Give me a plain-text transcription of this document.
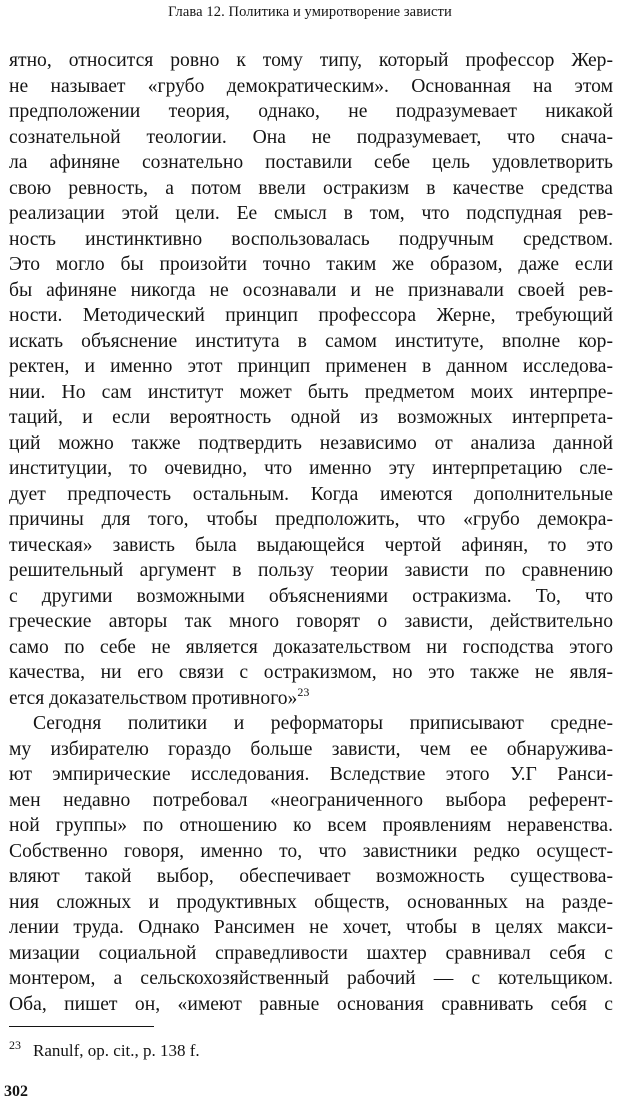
Глава 12. Политика и умиротворение зависти
ятно, относится ровно к тому типу, который профессор Жер-
не называет «грубо демократическим». Основанная на этом
предположении теория, однако, не подразумевает никакой
сознательной теологии. Она не подразумевает, что снача-
ла афиняне сознательно поставили себе цель удовлетворить
свою ревность, а потом ввели остракизм в качестве средства
реализации этой цели. Ее смысл в том, что подспудная рев-
ность инстинктивно воспользовалась подручным средством.
Это могло бы произойти точно таким же образом, даже если
бы афиняне никогда не осознавали и не признавали своей рев-
ности. Методический принцип профессора Жерне, требующий
искать объяснение института в самом институте, вполне кор-
ректен, и именно этот принцип применен в данном исследова-
нии. Но сам институт может быть предметом моих интерпре-
таций, и если вероятность одной из возможных интерпрета-
ций можно также подтвердить независимо от анализа данной
институции, то очевидно, что именно эту интерпретацию сле-
дует предпочесть остальным. Когда имеются дополнительные
причины для того, чтобы предположить, что «грубо демокра-
тическая» зависть была выдающейся чертой афинян, то это
решительный аргумент в пользу теории зависти по сравнению
с другими возможными объяснениями остракизма. То, что
греческие авторы так много говорят о зависти, действительно
само по себе не является доказательством ни господства этого
качества, ни его связи с остракизмом, но это также не явля-
ется доказательством противного»$^{23}$
Сегодня политики и реформаторы приписывают средне-
му избирателю гораздо больше зависти, чем ее обнаружива-
ют эмпирические исследования. Вследствие этого У.Г Ранси-
мен недавно потребовал «неограниченного выбора референт-
ной группы» по отношению ко всем проявлениям неравенства.
Собственно говоря, именно то, что завистники редко осущест-
вляют такой выбор, обеспечивает возможность существова-
ния сложных и продуктивных обществ, основанных на разде-
лении труда. Однако Рансимен не хочет, чтобы в целях макси-
мизации социальной справедливости шахтер сравнивал себя с
монтером, а сельскохозяйственный рабочий — с котельщиком.
Оба, пишет он, «имеют равные основания сравнивать себя с
$^{23}$ Ranulf, op. cit., p. 138 f.
302
